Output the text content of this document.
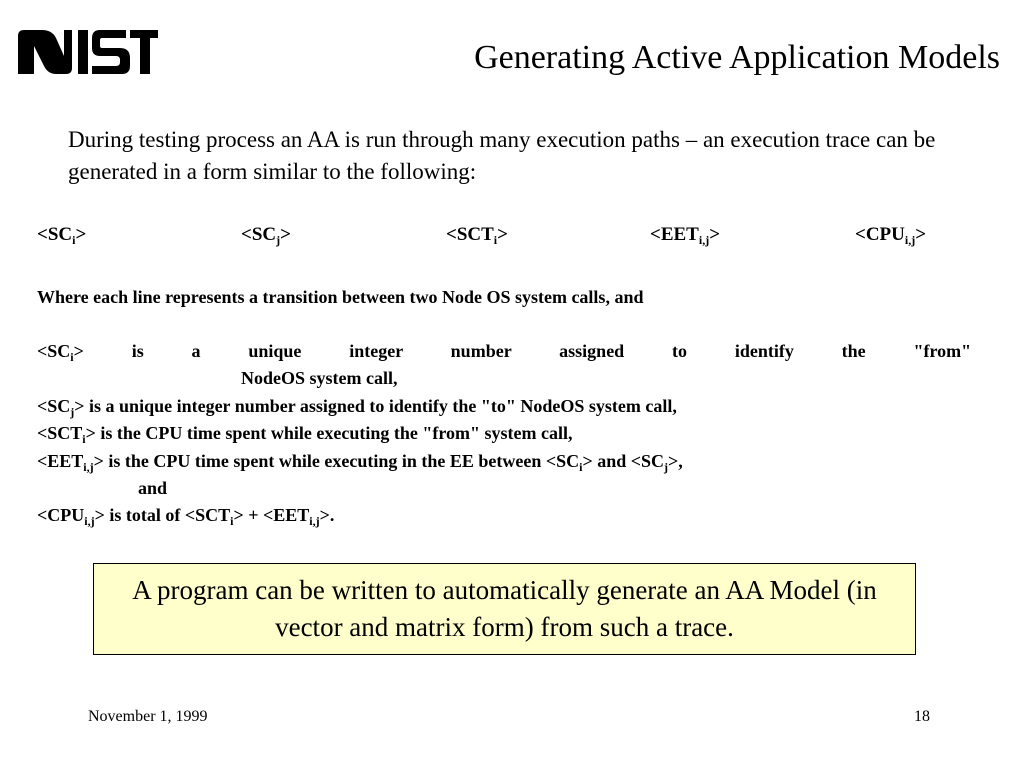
Generating Active Application Models
During testing process an AA is run through many execution paths – an execution trace can be generated in a form similar to the following:
$<SC_i>$	$<SC_j>$	$<SCT_i>$	$<EET_{i,j}>$	$<CPU_{i,j}>$
Where each line represents a transition between two Node OS system calls, and
$<SC_i>$	is	a	unique	integer	number	assigned	to	identify	the	"from"
NodeOS system call,
$<SC_j>$ is a unique integer number assigned to identify the "to" NodeOS system call,
$<SCT_i>$ is the CPU time spent while executing the "from" system call,
$<EET_{i,j}>$ is the CPU time spent while executing in the EE between $<SC_i>$ and $<SC_j>$,
and
$<CPU_{i,j}>$ is total of $<SCT_i> + <EET_{i,j}>$.
A program can be written to automatically generate an AA Model (in vector and matrix form) from such a trace.
November 1, 1999	18
